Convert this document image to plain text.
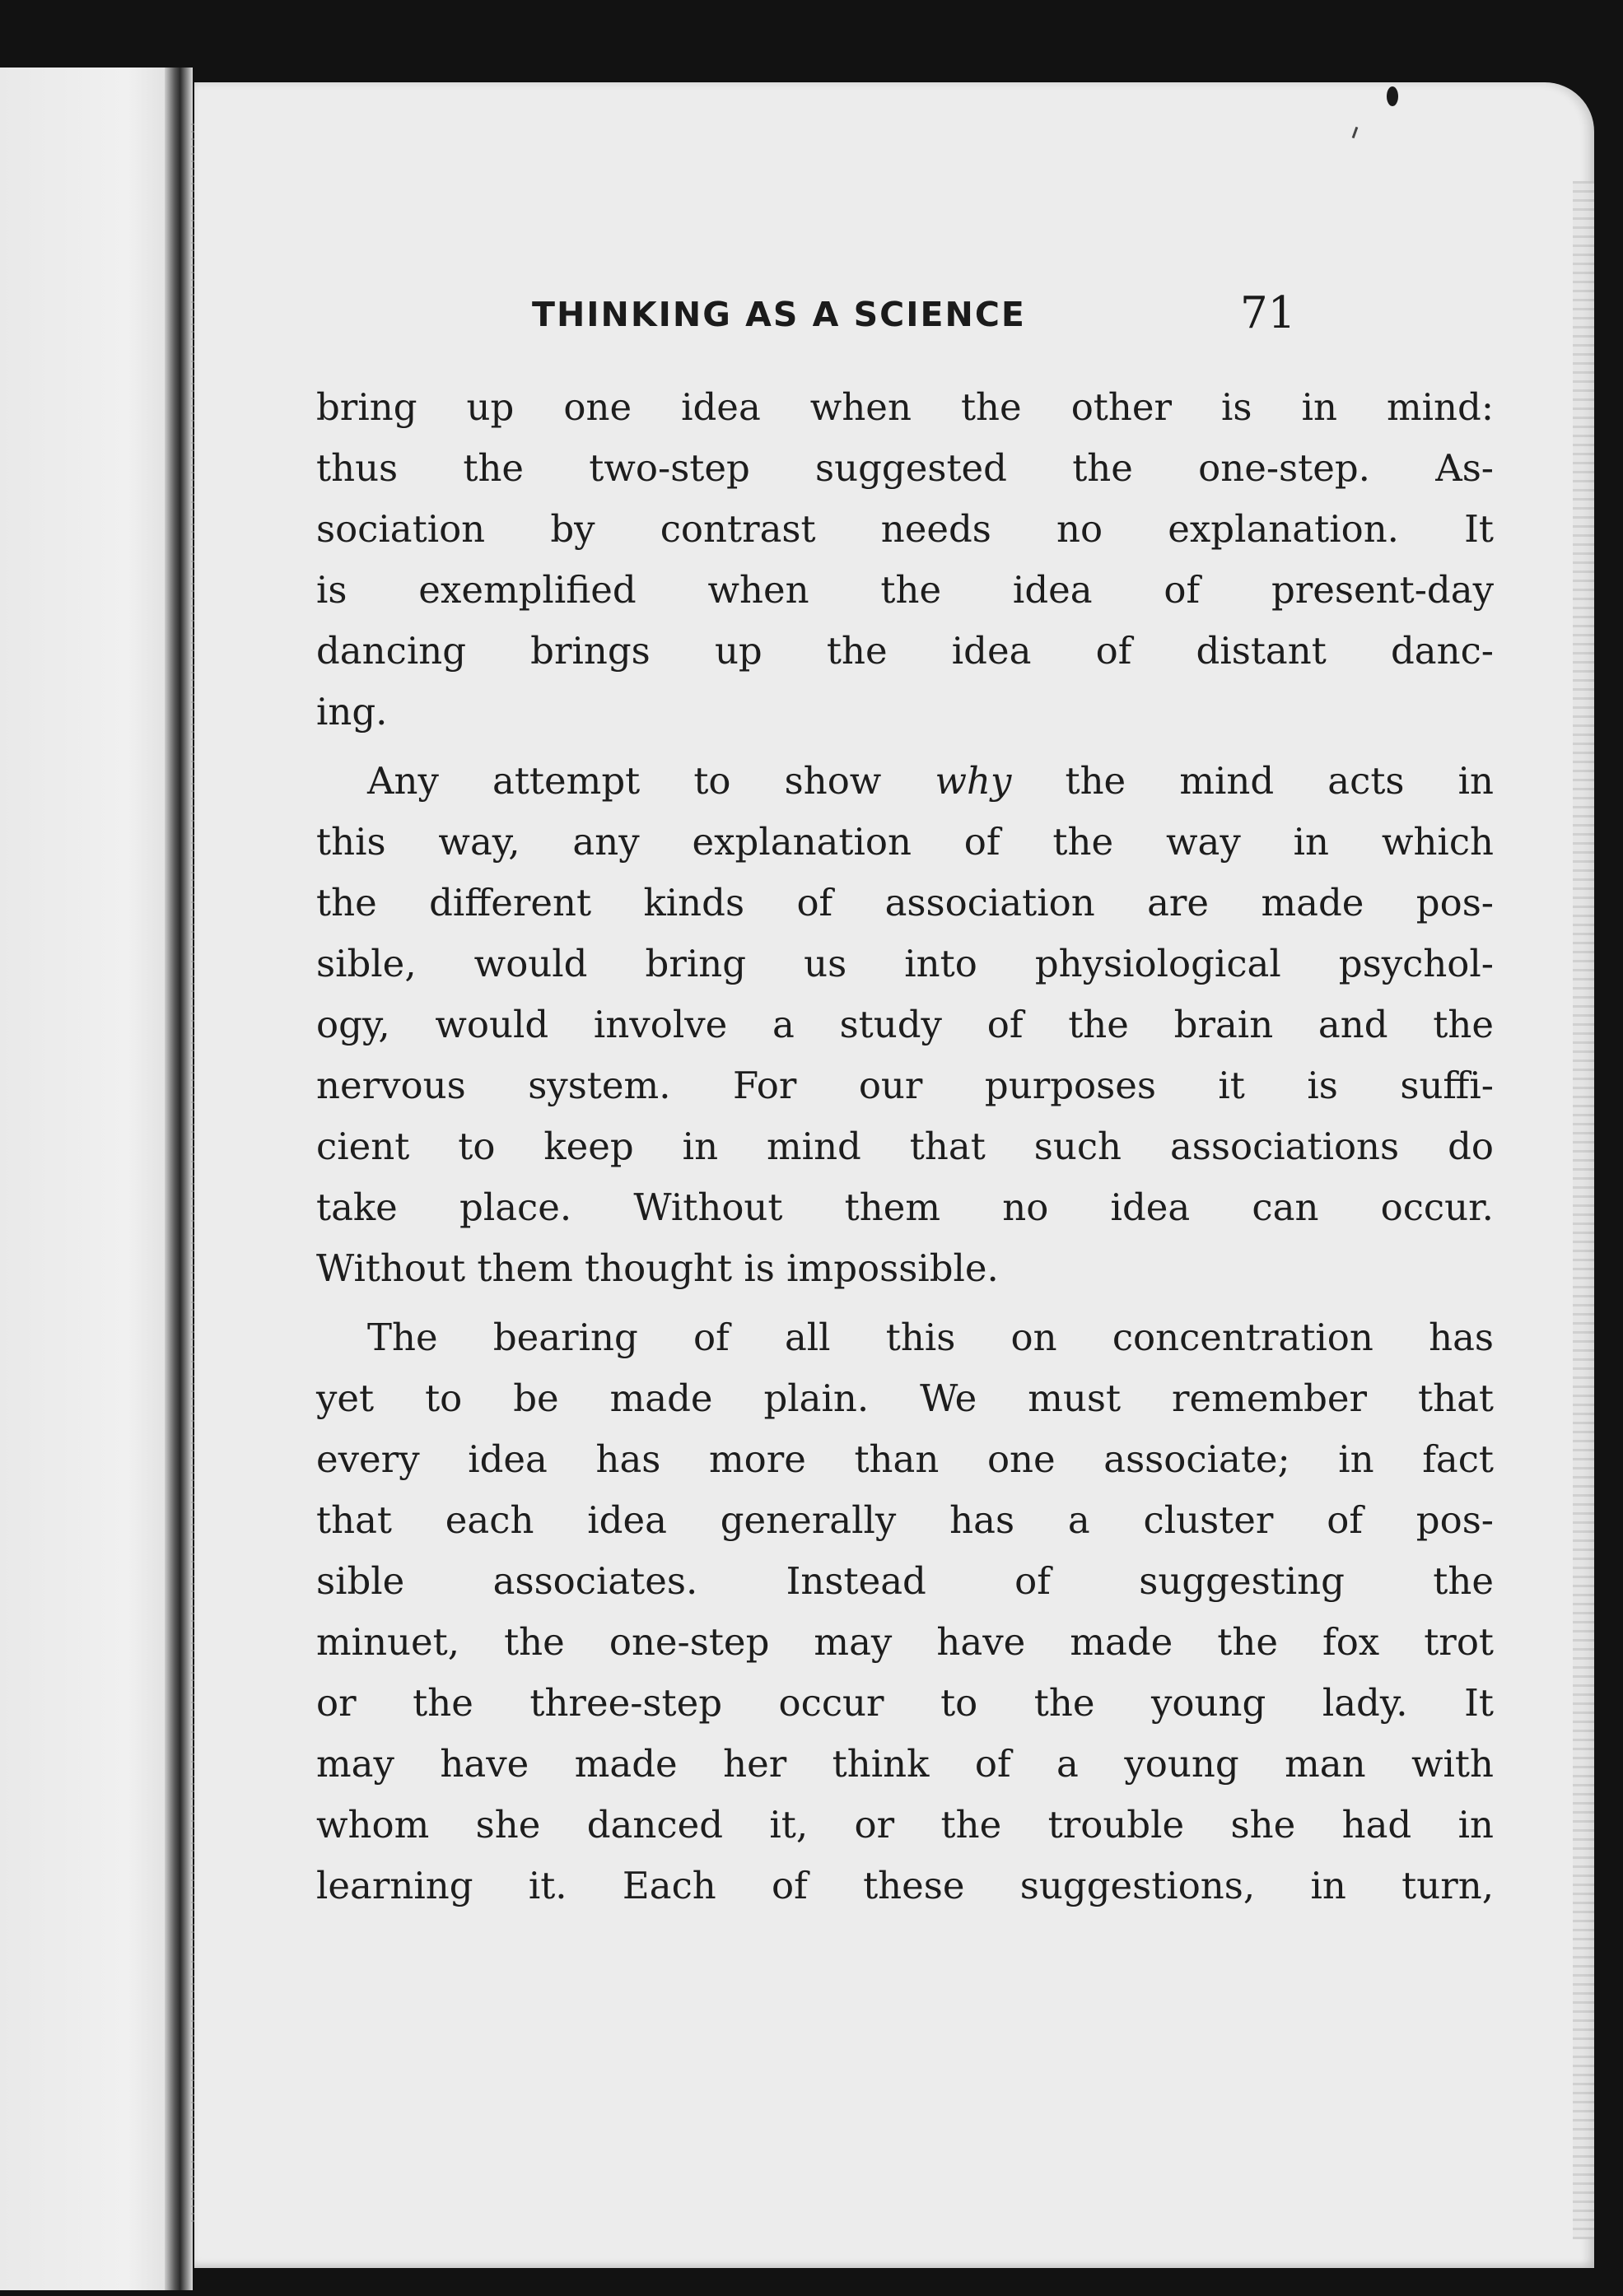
THINKING AS A SCIENCE	71

bring up one idea when the other is in mind:
thus the two-step suggested the one-step. As-
sociation by contrast needs no explanation. It
is exemplified when the idea of present-day
dancing brings up the idea of distant danc-
ing.

Any attempt to show why the mind acts in
this way, any explanation of the way in which
the different kinds of association are made pos-
sible, would bring us into physiological psychol-
ogy, would involve a study of the brain and the
nervous system. For our purposes it is suffi-
cient to keep in mind that such associations do
take place. Without them no idea can occur.
Without them thought is impossible.

The bearing of all this on concentration has
yet to be made plain. We must remember that
every idea has more than one associate; in fact
that each idea generally has a cluster of pos-
sible associates. Instead of suggesting the
minuet, the one-step may have made the fox trot
or the three-step occur to the young lady. It
may have made her think of a young man with
whom she danced it, or the trouble she had in
learning it. Each of these suggestions, in turn,
